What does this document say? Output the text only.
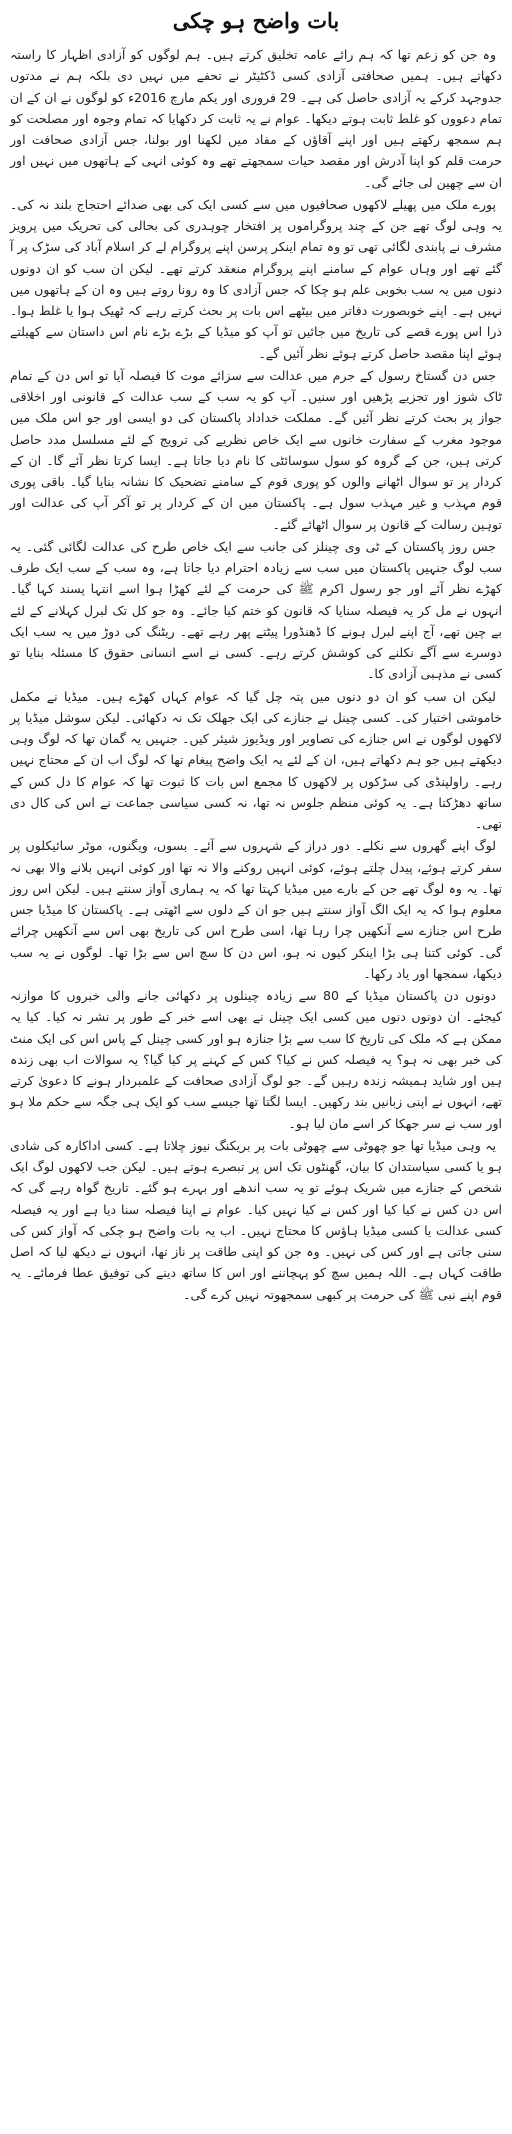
بات واضح ہو چکی

وہ جن کو زعم تھا کہ ہم رائے عامہ تخلیق کرتے ہیں۔ ہم لوگوں کو آزادی اظہار کا راستہ دکھاتے ہیں۔ ہمیں صحافتی آزادی کسی ڈکٹیٹر نے تحفے میں نہیں دی بلکہ ہم نے مدتوں جدوجہد کرکے یہ آزادی حاصل کی ہے۔ 29 فروری اور یکم مارچ 2016ء کو لوگوں نے ان کے ان تمام دعووں کو غلط ثابت ہوتے دیکھا۔ عوام نے یہ ثابت کر دکھایا کہ تمام وجوہ اور مصلحت کو ہم سمجھ رکھتے ہیں اور اپنے آقاؤں کے مفاد میں لکھنا اور بولنا، جس آزادی صحافت اور حرمت قلم کو اپنا آدرش اور مقصد حیات سمجھتے تھے وہ کوئی انہی کے ہاتھوں میں نہیں اور ان سے چھین لی جائے گی۔

پورے ملک میں پھیلے لاکھوں صحافیوں میں سے کسی ایک کی بھی صدائے احتجاج بلند نہ کی۔ یہ وہی لوگ تھے جن کے چند پروگراموں پر افتخار چوہدری کی بحالی کی تحریک میں پرویز مشرف نے پابندی لگائی تھی تو وہ تمام اینکر پرسن اپنے پروگرام لے کر اسلام آباد کی سڑک پر آ گئے تھے اور وہاں عوام کے سامنے اپنے پروگرام منعقد کرتے تھے۔ لیکن ان سب کو ان دونوں دنوں میں یہ سب بخوبی علم ہو چکا کہ جس آزادی کا وہ رونا روتے ہیں وہ ان کے ہاتھوں میں نہیں ہے۔ اپنے خوبصورت دفاتر میں بیٹھے اس بات پر بحث کرتے رہے کہ ٹھیک ہوا یا غلط ہوا۔ ذرا اس پورے قصے کی تاریخ میں جائیں تو آپ کو میڈیا کے بڑے بڑے نام اس داستان سے کھیلتے ہوئے اپنا مقصد حاصل کرتے ہوئے نظر آئیں گے۔

جس دن گستاخ رسول کے جرم میں عدالت سے سزائے موت کا فیصلہ آیا تو اس دن کے تمام ٹاک شوز اور تجزیے پڑھیں اور سنیں۔ آپ کو یہ سب کے سب عدالت کے قانونی اور اخلاقی جواز پر بحث کرتے نظر آئیں گے۔ مملکت خداداد پاکستان کی دو ایسی اور جو اس ملک میں موجود مغرب کے سفارت خانوں سے ایک خاص نظریے کی ترویج کے لئے مسلسل مدد حاصل کرتی ہیں، جن کے گروہ کو سول سوسائٹی کا نام دیا جاتا ہے۔ ایسا کرتا نظر آئے گا۔ ان کے کردار پر تو سوال اٹھانے والوں کو پوری قوم کے سامنے تضحیک کا نشانہ بنایا گیا۔ باقی پوری قوم مہذب و غیر مہذب سول ہے۔ پاکستان میں ان کے کردار پر تو آکر آپ کی عدالت اور توہین رسالت کے قانون پر سوال اٹھائے گئے۔

جس روز پاکستان کے ٹی وی چینلز کی جانب سے ایک خاص طرح کی عدالت لگائی گئی۔ یہ سب لوگ جنہیں پاکستان میں سب سے زیادہ احترام دیا جاتا ہے، وہ سب کے سب ایک طرف کھڑے نظر آئے اور جو رسول اکرم ﷺ کی حرمت کے لئے کھڑا ہوا اسے انتہا پسند کہا گیا۔ انہوں نے مل کر یہ فیصلہ سنایا کہ قانون کو ختم کیا جائے۔ وہ جو کل تک لبرل کہلانے کے لئے بے چین تھے، آج اپنے لبرل ہونے کا ڈھنڈورا پیٹتے پھر رہے تھے۔ ریٹنگ کی دوڑ میں یہ سب ایک دوسرے سے آگے نکلنے کی کوشش کرتے رہے۔ کسی نے اسے انسانی حقوق کا مسئلہ بنایا تو کسی نے مذہبی آزادی کا۔

لیکن ان سب کو ان دو دنوں میں پتہ چل گیا کہ عوام کہاں کھڑے ہیں۔ میڈیا نے مکمل خاموشی اختیار کی۔ کسی چینل نے جنازے کی ایک جھلک تک نہ دکھائی۔ لیکن سوشل میڈیا پر لاکھوں لوگوں نے اس جنازے کی تصاویر اور ویڈیوز شیئر کیں۔ جنہیں یہ گمان تھا کہ لوگ وہی دیکھتے ہیں جو ہم دکھاتے ہیں، ان کے لئے یہ ایک واضح پیغام تھا کہ لوگ اب ان کے محتاج نہیں رہے۔ راولپنڈی کی سڑکوں پر لاکھوں کا مجمع اس بات کا ثبوت تھا کہ عوام کا دل کس کے ساتھ دھڑکتا ہے۔ یہ کوئی منظم جلوس نہ تھا، نہ کسی سیاسی جماعت نے اس کی کال دی تھی۔

لوگ اپنے گھروں سے نکلے۔ دور دراز کے شہروں سے آئے۔ بسوں، ویگنوں، موٹر سائیکلوں پر سفر کرتے ہوئے، پیدل چلتے ہوئے، کوئی انہیں روکنے والا نہ تھا اور کوئی انہیں بلانے والا بھی نہ تھا۔ یہ وہ لوگ تھے جن کے بارے میں میڈیا کہتا تھا کہ یہ ہماری آواز سنتے ہیں۔ لیکن اس روز معلوم ہوا کہ یہ ایک الگ آواز سنتے ہیں جو ان کے دلوں سے اٹھتی ہے۔ پاکستان کا میڈیا جس طرح اس جنازے سے آنکھیں چرا رہا تھا، اسی طرح اس کی تاریخ بھی اس سے آنکھیں چرائے گی۔ کوئی کتنا ہی بڑا اینکر کیوں نہ ہو، اس دن کا سچ اس سے بڑا تھا۔ لوگوں نے یہ سب دیکھا، سمجھا اور یاد رکھا۔

دونوں دن پاکستان میڈیا کے 80 سے زیادہ چینلوں پر دکھائی جانے والی خبروں کا موازنہ کیجئے۔ ان دونوں دنوں میں کسی ایک چینل نے بھی اسے خبر کے طور پر نشر نہ کیا۔ کیا یہ ممکن ہے کہ ملک کی تاریخ کا سب سے بڑا جنازہ ہو اور کسی چینل کے پاس اس کی ایک منٹ کی خبر بھی نہ ہو؟ یہ فیصلہ کس نے کیا؟ کس کے کہنے پر کیا گیا؟ یہ سوالات اب بھی زندہ ہیں اور شاید ہمیشہ زندہ رہیں گے۔ جو لوگ آزادی صحافت کے علمبردار ہونے کا دعویٰ کرتے تھے، انہوں نے اپنی زبانیں بند رکھیں۔ ایسا لگتا تھا جیسے سب کو ایک ہی جگہ سے حکم ملا ہو اور سب نے سر جھکا کر اسے مان لیا ہو۔

یہ وہی میڈیا تھا جو چھوٹی سے چھوٹی بات پر بریکنگ نیوز چلاتا ہے۔ کسی اداکارہ کی شادی ہو یا کسی سیاستدان کا بیان، گھنٹوں تک اس پر تبصرے ہوتے ہیں۔ لیکن جب لاکھوں لوگ ایک شخص کے جنازے میں شریک ہوئے تو یہ سب اندھے اور بہرے ہو گئے۔ تاریخ گواہ رہے گی کہ اس دن کس نے کیا کیا اور کس نے کیا نہیں کیا۔ عوام نے اپنا فیصلہ سنا دیا ہے اور یہ فیصلہ کسی عدالت یا کسی میڈیا ہاؤس کا محتاج نہیں۔ اب یہ بات واضح ہو چکی کہ آواز کس کی سنی جاتی ہے اور کس کی نہیں۔ وہ جن کو اپنی طاقت پر ناز تھا، انہوں نے دیکھ لیا کہ اصل طاقت کہاں ہے۔ اللہ ہمیں سچ کو پہچاننے اور اس کا ساتھ دینے کی توفیق عطا فرمائے۔ یہ قوم اپنے نبی ﷺ کی حرمت پر کبھی سمجھوتہ نہیں کرے گی۔
